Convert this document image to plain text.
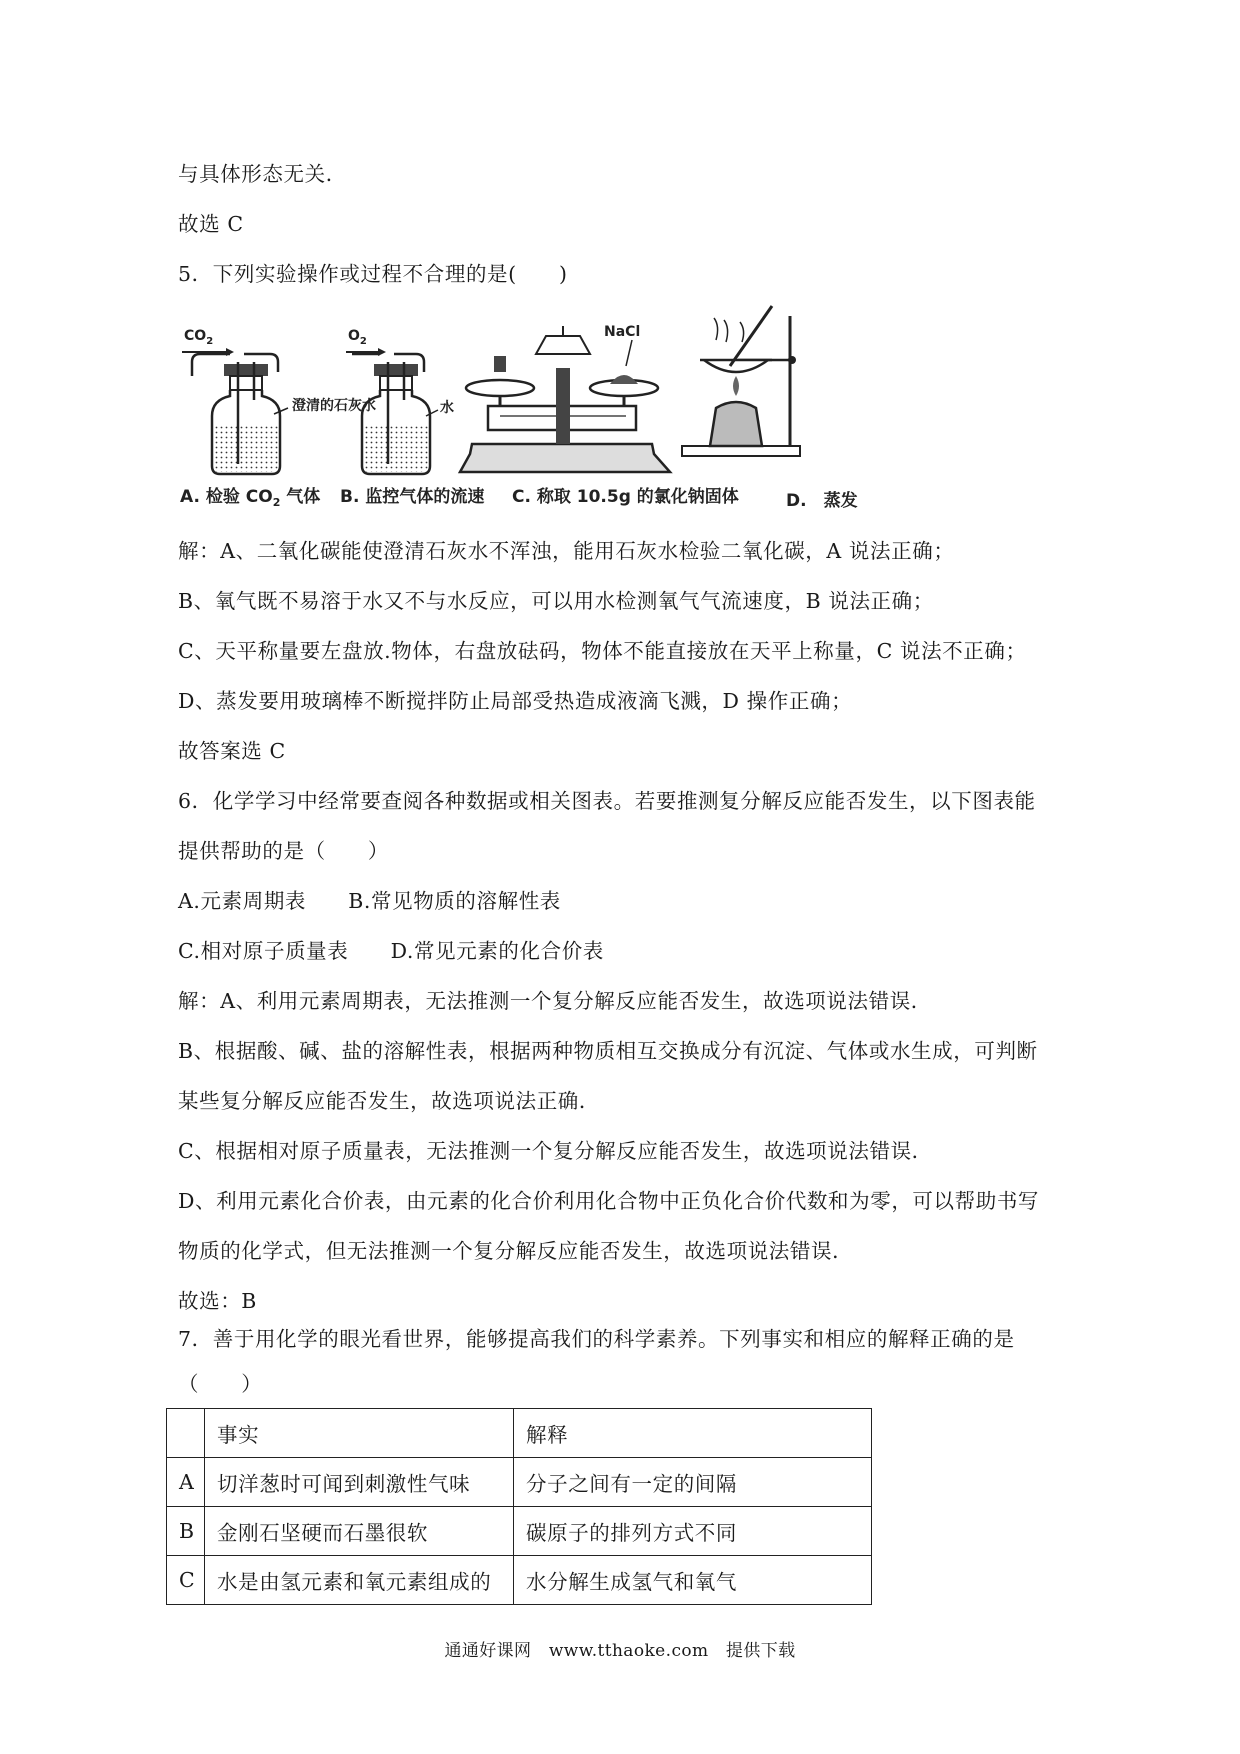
与具体形态无关．
故选 C
5．下列实验操作或过程不合理的是(　　)
$CO_2$
澄清的石灰水
$O_2$
水
NaCl
A. 检验 $CO_2$ 气体 B. 监控气体的流速 C. 称取 10.5g 的氯化钠固体	D.　蒸发
解：A、二氧化碳能使澄清石灰水不浑浊，能用石灰水检验二氧化碳，A 说法正确；
B、氧气既不易溶于水又不与水反应，可以用水检测氧气气流速度，B 说法正确；
C、天平称量要左盘放.物体，右盘放砝码，物体不能直接放在天平上称量，C 说法不正确；
D、蒸发要用玻璃棒不断搅拌防止局部受热造成液滴飞溅，D 操作正确；
故答案选 C
6．化学学习中经常要查阅各种数据或相关图表。若要推测复分解反应能否发生，以下图表能
提供帮助的是（　　）
A.元素周期表　　B.常见物质的溶解性表
C.相对原子质量表　　D.常见元素的化合价表
解：A、利用元素周期表，无法推测一个复分解反应能否发生，故选项说法错误．
B、根据酸、碱、盐的溶解性表，根据两种物质相互交换成分有沉淀、气体或水生成，可判断
某些复分解反应能否发生，故选项说法正确．
C、根据相对原子质量表，无法推测一个复分解反应能否发生，故选项说法错误．
D、利用元素化合价表，由元素的化合价利用化合物中正负化合价代数和为零，可以帮助书写
物质的化学式，但无法推测一个复分解反应能否发生，故选项说法错误．
故选：B
7．善于用化学的眼光看世界，能够提高我们的科学素养。下列事实和相应的解释正确的是
（　　）
	事实	解释
A	切洋葱时可闻到刺激性气味	分子之间有一定的间隔
B	金刚石坚硬而石墨很软	碳原子的排列方式不同
C	水是由氢元素和氧元素组成的	水分解生成氢气和氧气
通通好课网　www.tthaoke.com　提供下载
